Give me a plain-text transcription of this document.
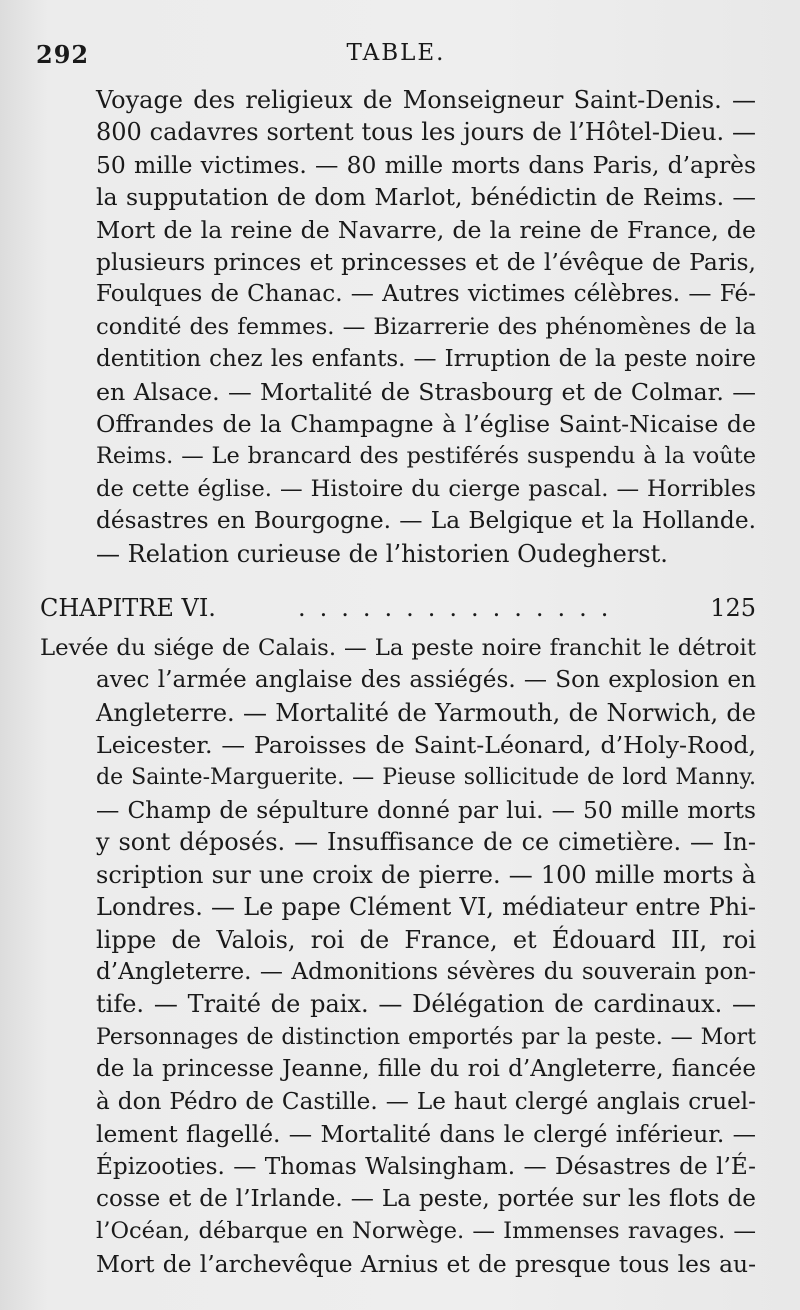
292	TABLE.
Voyage des religieux de Monseigneur Saint-Denis. —
800 cadavres sortent tous les jours de l’Hôtel-Dieu. —
50 mille victimes. — 80 mille morts dans Paris, d’après
la supputation de dom Marlot, bénédictin de Reims. —
Mort de la reine de Navarre, de la reine de France, de
plusieurs princes et princesses et de l’évêque de Paris,
Foulques de Chanac. — Autres victimes célèbres. — Fé-
condité des femmes. — Bizarrerie des phénomènes de la
dentition chez les enfants. — Irruption de la peste noire
en Alsace. — Mortalité de Strasbourg et de Colmar. —
Offrandes de la Champagne à l’église Saint-Nicaise de
Reims. — Le brancard des pestiférés suspendu à la voûte
de cette église. — Histoire du cierge pascal. — Horribles
désastres en Bourgogne. — La Belgique et la Hollande.
— Relation curieuse de l’historien Oudegherst.
CHAPITRE VI.	...............	125
Levée du siége de Calais. — La peste noire franchit le détroit
avec l’armée anglaise des assiégés. — Son explosion en
Angleterre. — Mortalité de Yarmouth, de Norwich, de
Leicester. — Paroisses de Saint-Léonard, d’Holy-Rood,
de Sainte-Marguerite. — Pieuse sollicitude de lord Manny.
— Champ de sépulture donné par lui. — 50 mille morts
y sont déposés. — Insuffisance de ce cimetière. — In-
scription sur une croix de pierre. — 100 mille morts à
Londres. — Le pape Clément VI, médiateur entre Phi-
lippe de Valois, roi de France, et Édouard III, roi
d’Angleterre. — Admonitions sévères du souverain pon-
tife. — Traité de paix. — Délégation de cardinaux. —
Personnages de distinction emportés par la peste. — Mort
de la princesse Jeanne, fille du roi d’Angleterre, fiancée
à don Pédro de Castille. — Le haut clergé anglais cruel-
lement flagellé. — Mortalité dans le clergé inférieur. —
Épizooties. — Thomas Walsingham. — Désastres de l’É-
cosse et de l’Irlande. — La peste, portée sur les flots de
l’Océan, débarque en Norwège. — Immenses ravages. —
Mort de l’archevêque Arnius et de presque tous les au-
